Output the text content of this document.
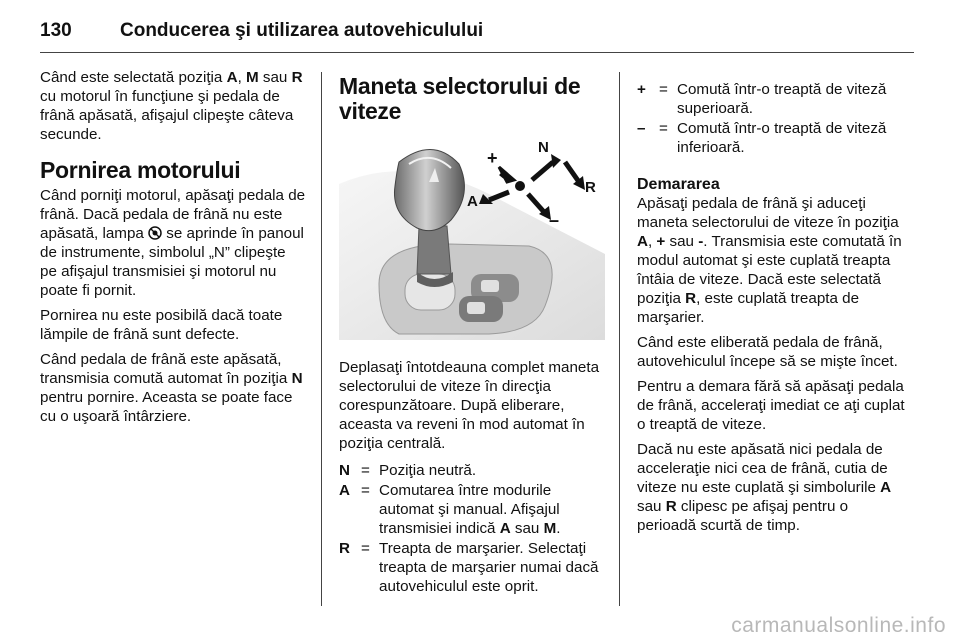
130	Conducerea şi utilizarea autovehiculului

Când este selectată poziţia A, M sau R cu motorul în funcţiune şi pedala de frână apăsată, afişajul clipeşte câteva secunde.

Pornirea motorului

Când porniţi motorul, apăsaţi pedala de frână. Dacă pedala de frână nu este apăsată, lampa  se aprinde în panoul de instrumente, simbolul „N” clipeşte pe afişajul transmisiei şi motorul nu poate fi pornit.

Pornirea nu este posibilă dacă toate lămpile de frână sunt defecte.

Când pedala de frână este apăsată, transmisia comută automat în poziţia N pentru pornire. Aceasta se poate face cu o uşoară întârziere.

Maneta selectorului de viteze
+
N
A
R
–

Deplasaţi întotdeauna complet maneta selectorului de viteze în direcţia corespunzătoare. După eliberare, aceasta va reveni în mod automat în poziţia centrală.

N = Poziţia neutră.
A = Comutarea între modurile automat şi manual. Afişajul transmisiei indică A sau M.
R = Treapta de marşarier. Selectaţi treapta de marşarier numai dacă autovehiculul este oprit.
+ = Comută într-o treaptă de viteză superioară.
– = Comută într-o treaptă de viteză inferioară.
Demararea

Apăsaţi pedala de frână şi aduceţi maneta selectorului de viteze în poziţia A, + sau -. Transmisia este comutată în modul automat şi este cuplată treapta întâia de viteze. Dacă este selectată poziţia R, este cuplată treapta de marşarier.

Când este eliberată pedala de frână, autovehiculul începe să se mişte încet.

Pentru a demara fără să apăsaţi pedala de frână, acceleraţi imediat ce aţi cuplat o treaptă de viteze.

Dacă nu este apăsată nici pedala de acceleraţie nici cea de frână, cutia de viteze nu este cuplată şi simbolurile A sau R clipesc pe afişaj pentru o perioadă scurtă de timp.

carmanualsonline.info
